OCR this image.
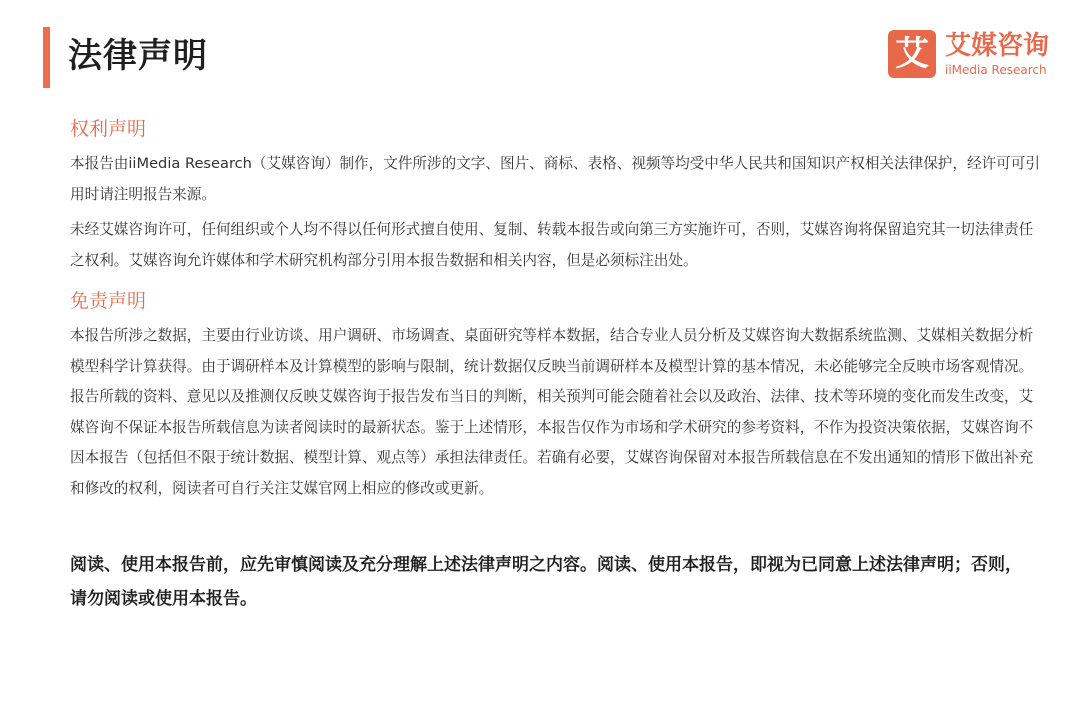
法律声明	艾 艾媒咨询
iiMedia Research
权利声明

本报告由iiMedia Research（艾媒咨询）制作，文件所涉的文字、图片、商标、表格、视频等均受中华人民共和国知识产权相关法律保护，经许可可引用时请注明报告来源。

未经艾媒咨询许可，任何组织或个人均不得以任何形式擅自使用、复制、转载本报告或向第三方实施许可，否则，艾媒咨询将保留追究其一切法律责任之权利。艾媒咨询允许媒体和学术研究机构部分引用本报告数据和相关内容，但是必须标注出处。

免责声明

本报告所涉之数据，主要由行业访谈、用户调研、市场调查、桌面研究等样本数据，结合专业人员分析及艾媒咨询大数据系统监测、艾媒相关数据分析模型科学计算获得。由于调研样本及计算模型的影响与限制，统计数据仅反映当前调研样本及模型计算的基本情况，未必能够完全反映市场客观情况。报告所载的资料、意见以及推测仅反映艾媒咨询于报告发布当日的判断，相关预判可能会随着社会以及政治、法律、技术等环境的变化而发生改变，艾媒咨询不保证本报告所载信息为读者阅读时的最新状态。鉴于上述情形，本报告仅作为市场和学术研究的参考资料，不作为投资决策依据，艾媒咨询不因本报告（包括但不限于统计数据、模型计算、观点等）承担法律责任。若确有必要，艾媒咨询保留对本报告所载信息在不发出通知的情形下做出补充和修改的权利，阅读者可自行关注艾媒官网上相应的修改或更新。

阅读、使用本报告前，应先审慎阅读及充分理解上述法律声明之内容。阅读、使用本报告，即视为已同意上述法律声明；否则，请勿阅读或使用本报告。
